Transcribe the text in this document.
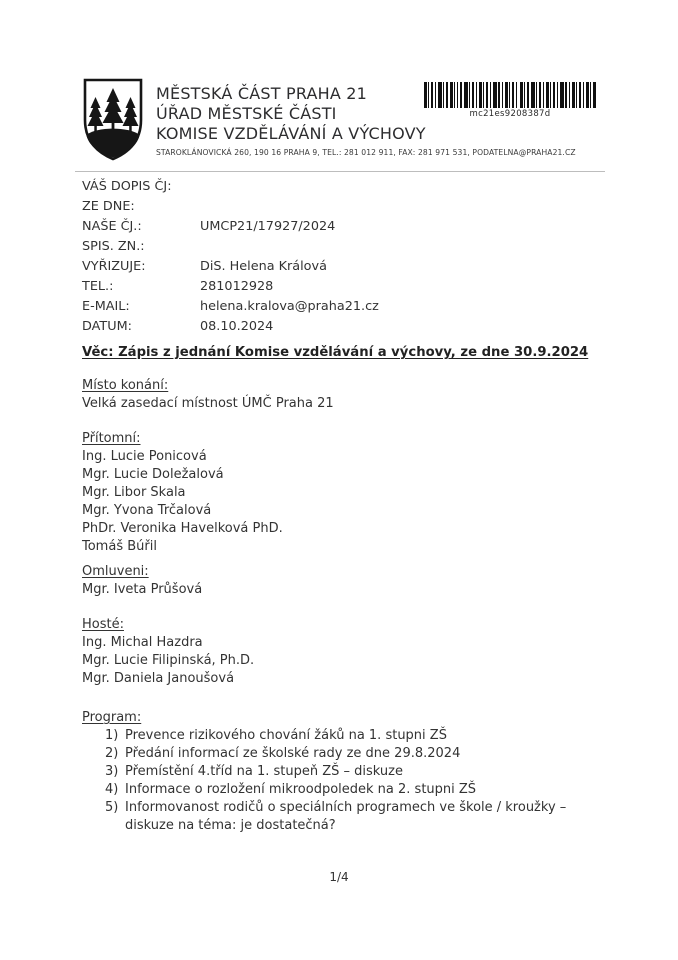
MĚSTSKÁ ČÁST PRAHA 21
ÚŘAD MĚSTSKÉ ČÁSTI
KOMISE VZDĚLÁVÁNÍ A VÝCHOVY
STAROKLÁNOVICKÁ 260, 190 16 PRAHA 9, TEL.: 281 012 911, FAX: 281 971 531, PODATELNA@PRAHA21.CZ
mc21es9208387d
VÁŠ DOPIS ČJ:
ZE DNE:
NAŠE ČJ.:	UMCP21/17927/2024
SPIS. ZN.:
VYŘIZUJE:	DiS. Helena Králová
TEL.:	281012928
E-MAIL:	helena.kralova@praha21.cz
DATUM:	08.10.2024
Věc: Zápis z jednání Komise vzdělávání a výchovy, ze dne 30.9.2024
Místo konání:
Velká zasedací místnost ÚMČ Praha 21
Přítomní:
Ing. Lucie Ponicová
Mgr. Lucie Doležalová
Mgr. Libor Skala
Mgr. Yvona Trčalová
PhDr. Veronika Havelková PhD.
Tomáš Búřil
Omluveni:
Mgr. Iveta Průšová
Hosté:
Ing. Michal Hazdra
Mgr. Lucie Filipinská, Ph.D.
Mgr. Daniela Janoušová
Program:
1) Prevence rizikového chování žáků na 1. stupni ZŠ
2) Předání informací ze školské rady ze dne 29.8.2024
3) Přemístění 4.tříd na 1. stupeň ZŠ – diskuze
4) Informace o rozložení mikroodpoledek na 2. stupni ZŠ
5) Informovanost rodičů o speciálních programech ve škole / kroužky – diskuze na téma: je dostatečná?
1/4
